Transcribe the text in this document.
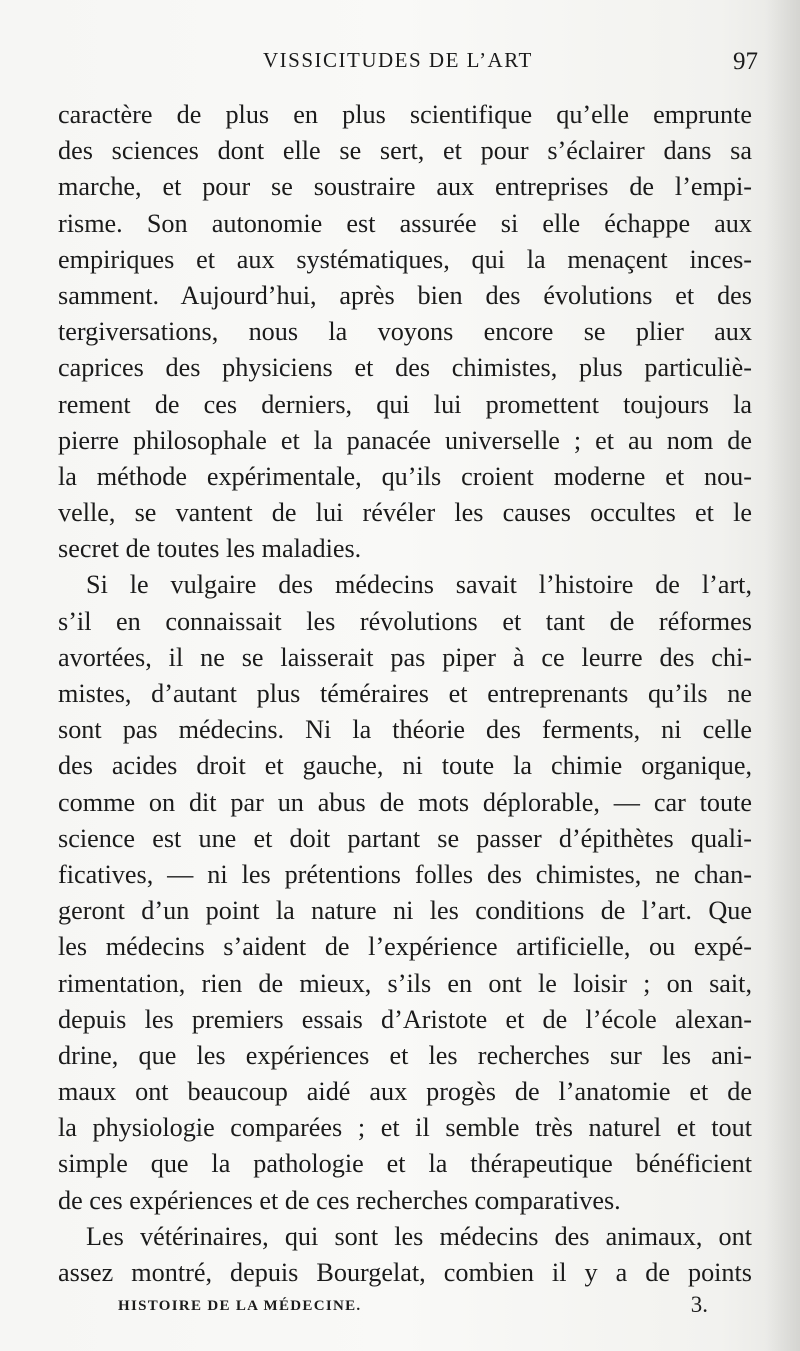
VISSICITUDES DE L’ART	97
caractère de plus en plus scientifique qu’elle emprunte
des sciences dont elle se sert, et pour s’éclairer dans sa
marche, et pour se soustraire aux entreprises de l’empi-
risme. Son autonomie est assurée si elle échappe aux
empiriques et aux systématiques, qui la menaçent inces-
samment. Aujourd’hui, après bien des évolutions et des
tergiversations, nous la voyons encore se plier aux
caprices des physiciens et des chimistes, plus particuliè-
rement de ces derniers, qui lui promettent toujours la
pierre philosophale et la panacée universelle ; et au nom de
la méthode expérimentale, qu’ils croient moderne et nou-
velle, se vantent de lui révéler les causes occultes et le
secret de toutes les maladies.
Si le vulgaire des médecins savait l’histoire de l’art,
s’il en connaissait les révolutions et tant de réformes
avortées, il ne se laisserait pas piper à ce leurre des chi-
mistes, d’autant plus téméraires et entreprenants qu’ils ne
sont pas médecins. Ni la théorie des ferments, ni celle
des acides droit et gauche, ni toute la chimie organique,
comme on dit par un abus de mots déplorable, — car toute
science est une et doit partant se passer d’épithètes quali-
ficatives, — ni les prétentions folles des chimistes, ne chan-
geront d’un point la nature ni les conditions de l’art. Que
les médecins s’aident de l’expérience artificielle, ou expé-
rimentation, rien de mieux, s’ils en ont le loisir ; on sait,
depuis les premiers essais d’Aristote et de l’école alexan-
drine, que les expériences et les recherches sur les ani-
maux ont beaucoup aidé aux progès de l’anatomie et de
la physiologie comparées ; et il semble très naturel et tout
simple que la pathologie et la thérapeutique bénéficient
de ces expériences et de ces recherches comparatives.
Les vétérinaires, qui sont les médecins des animaux, ont
assez montré, depuis Bourgelat, combien il y a de points
HISTOIRE DE LA MÉDECINE.	3.
